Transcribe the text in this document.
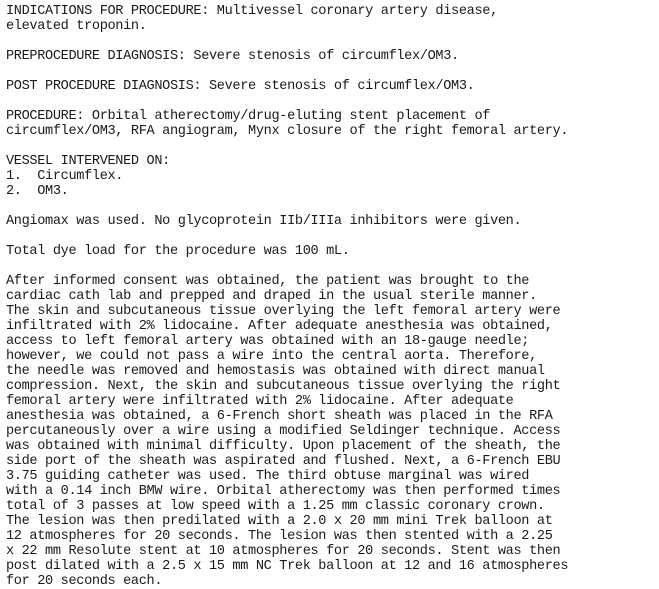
INDICATIONS FOR PROCEDURE: Multivessel coronary artery disease,
elevated troponin.

PREPROCEDURE DIAGNOSIS: Severe stenosis of circumflex/OM3.

POST PROCEDURE DIAGNOSIS: Severe stenosis of circumflex/OM3.

PROCEDURE: Orbital atherectomy/drug-eluting stent placement of
circumflex/OM3, RFA angiogram, Mynx closure of the right femoral artery.

VESSEL INTERVENED ON:

1.  Circumflex.
2.  OM3.

Angiomax was used. No glycoprotein IIb/IIIa inhibitors were given.

Total dye load for the procedure was 100 mL.

After informed consent was obtained, the patient was brought to the
cardiac cath lab and prepped and draped in the usual sterile manner.
The skin and subcutaneous tissue overlying the left femoral artery were
infiltrated with 2% lidocaine. After adequate anesthesia was obtained,
access to left femoral artery was obtained with an 18-gauge needle;
however, we could not pass a wire into the central aorta. Therefore,
the needle was removed and hemostasis was obtained with direct manual
compression. Next, the skin and subcutaneous tissue overlying the right
femoral artery were infiltrated with 2% lidocaine. After adequate
anesthesia was obtained, a 6-French short sheath was placed in the RFA
percutaneously over a wire using a modified Seldinger technique. Access
was obtained with minimal difficulty. Upon placement of the sheath, the
side port of the sheath was aspirated and flushed. Next, a 6-French EBU
3.75 guiding catheter was used. The third obtuse marginal was wired
with a 0.14 inch BMW wire. Orbital atherectomy was then performed times
total of 3 passes at low speed with a 1.25 mm classic coronary crown.
The lesion was then predilated with a 2.0 x 20 mm mini Trek balloon at
12 atmospheres for 20 seconds. The lesion was then stented with a 2.25
x 22 mm Resolute stent at 10 atmospheres for 20 seconds. Stent was then
post dilated with a 2.5 x 15 mm NC Trek balloon at 12 and 16 atmospheres
for 20 seconds each.
